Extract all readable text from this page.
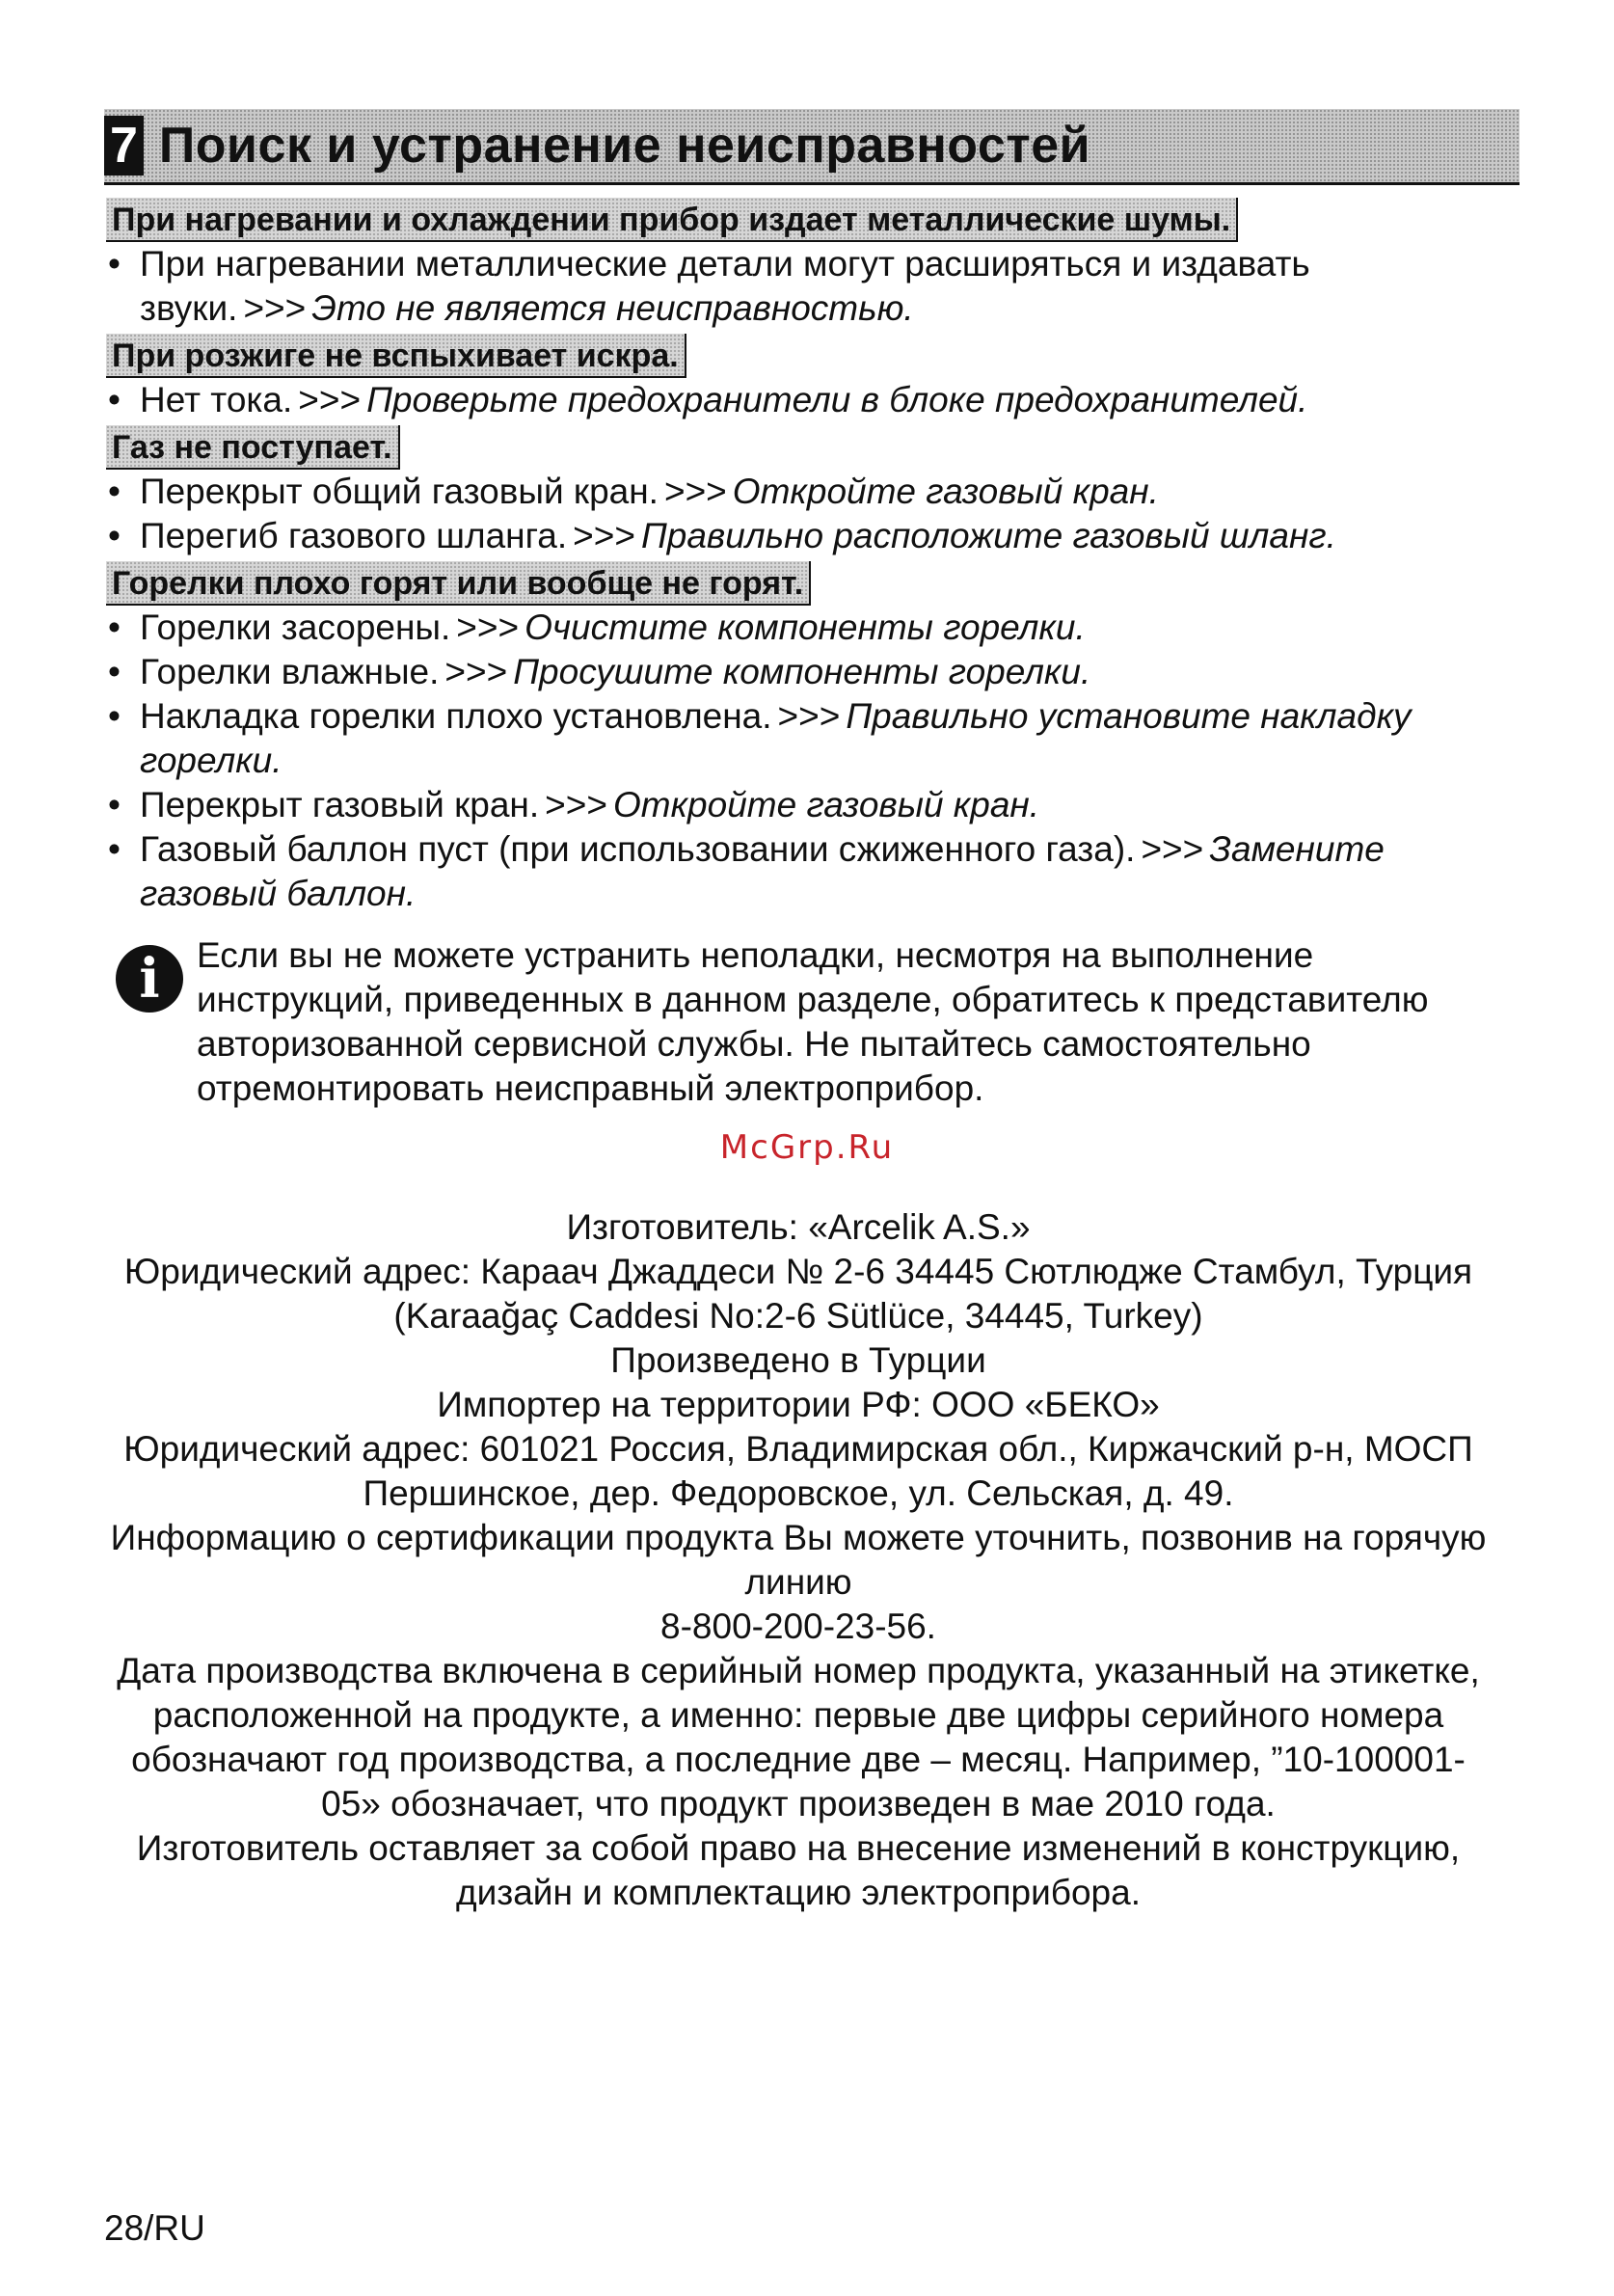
7 Поиск и устранение неисправностей
При нагревании и охлаждении прибор издает металлические шумы.
• При нагревании металлические детали могут расширяться и издавать звуки. >>> Это не является неисправностью.
При розжиге не вспыхивает искра.
• Нет тока. >>> Проверьте предохранители в блоке предохранителей.
Газ не поступает.
• Перекрыт общий газовый кран. >>> Откройте газовый кран.
• Перегиб газового шланга. >>> Правильно расположите газовый шланг.
Горелки плохо горят или вообще не горят.
• Горелки засорены. >>> Очистите компоненты горелки.
• Горелки влажные. >>> Просушите компоненты горелки.
• Накладка горелки плохо установлена. >>> Правильно установите накладку горелки.
• Перекрыт газовый кран. >>> Откройте газовый кран.
• Газовый баллон пуст (при использовании сжиженного газа). >>> Замените газовый баллон.
i	Если вы не можете устранить неполадки, несмотря на выполнение инструкций, приведенных в данном разделе, обратитесь к представителю авторизованной сервисной службы. Не пытайтесь самостоятельно отремонтировать неисправный электроприбор.
McGrp.Ru
Изготовитель: «Arcelik A.S.»
Юридический адрес: Караач Джаддеси № 2-6 34445 Сютлюдже Стамбул, Турция
(Karaağaç Caddesi No:2-6 Sütlüce, 34445, Turkey)
Произведено в Турции
Импортер на территории РФ: ООО «БЕКО»
Юридический адрес: 601021 Россия, Владимирская обл., Киржачский р-н, МОСП Першинское, дер. Федоровское, ул. Сельская, д. 49.
Информацию о сертификации продукта Вы можете уточнить, позвонив на горячую линию
8-800-200-23-56.
Дата производства включена в серийный номер продукта, указанный на этикетке, расположенной на продукте, а именно: первые две цифры серийного номера обозначают год производства, а последние две – месяц. Например, ”10-100001-05» обозначает, что продукт произведен в мае 2010 года.
Изготовитель оставляет за собой право на внесение изменений в конструкцию, дизайн и комплектацию электроприбора.
28/RU
